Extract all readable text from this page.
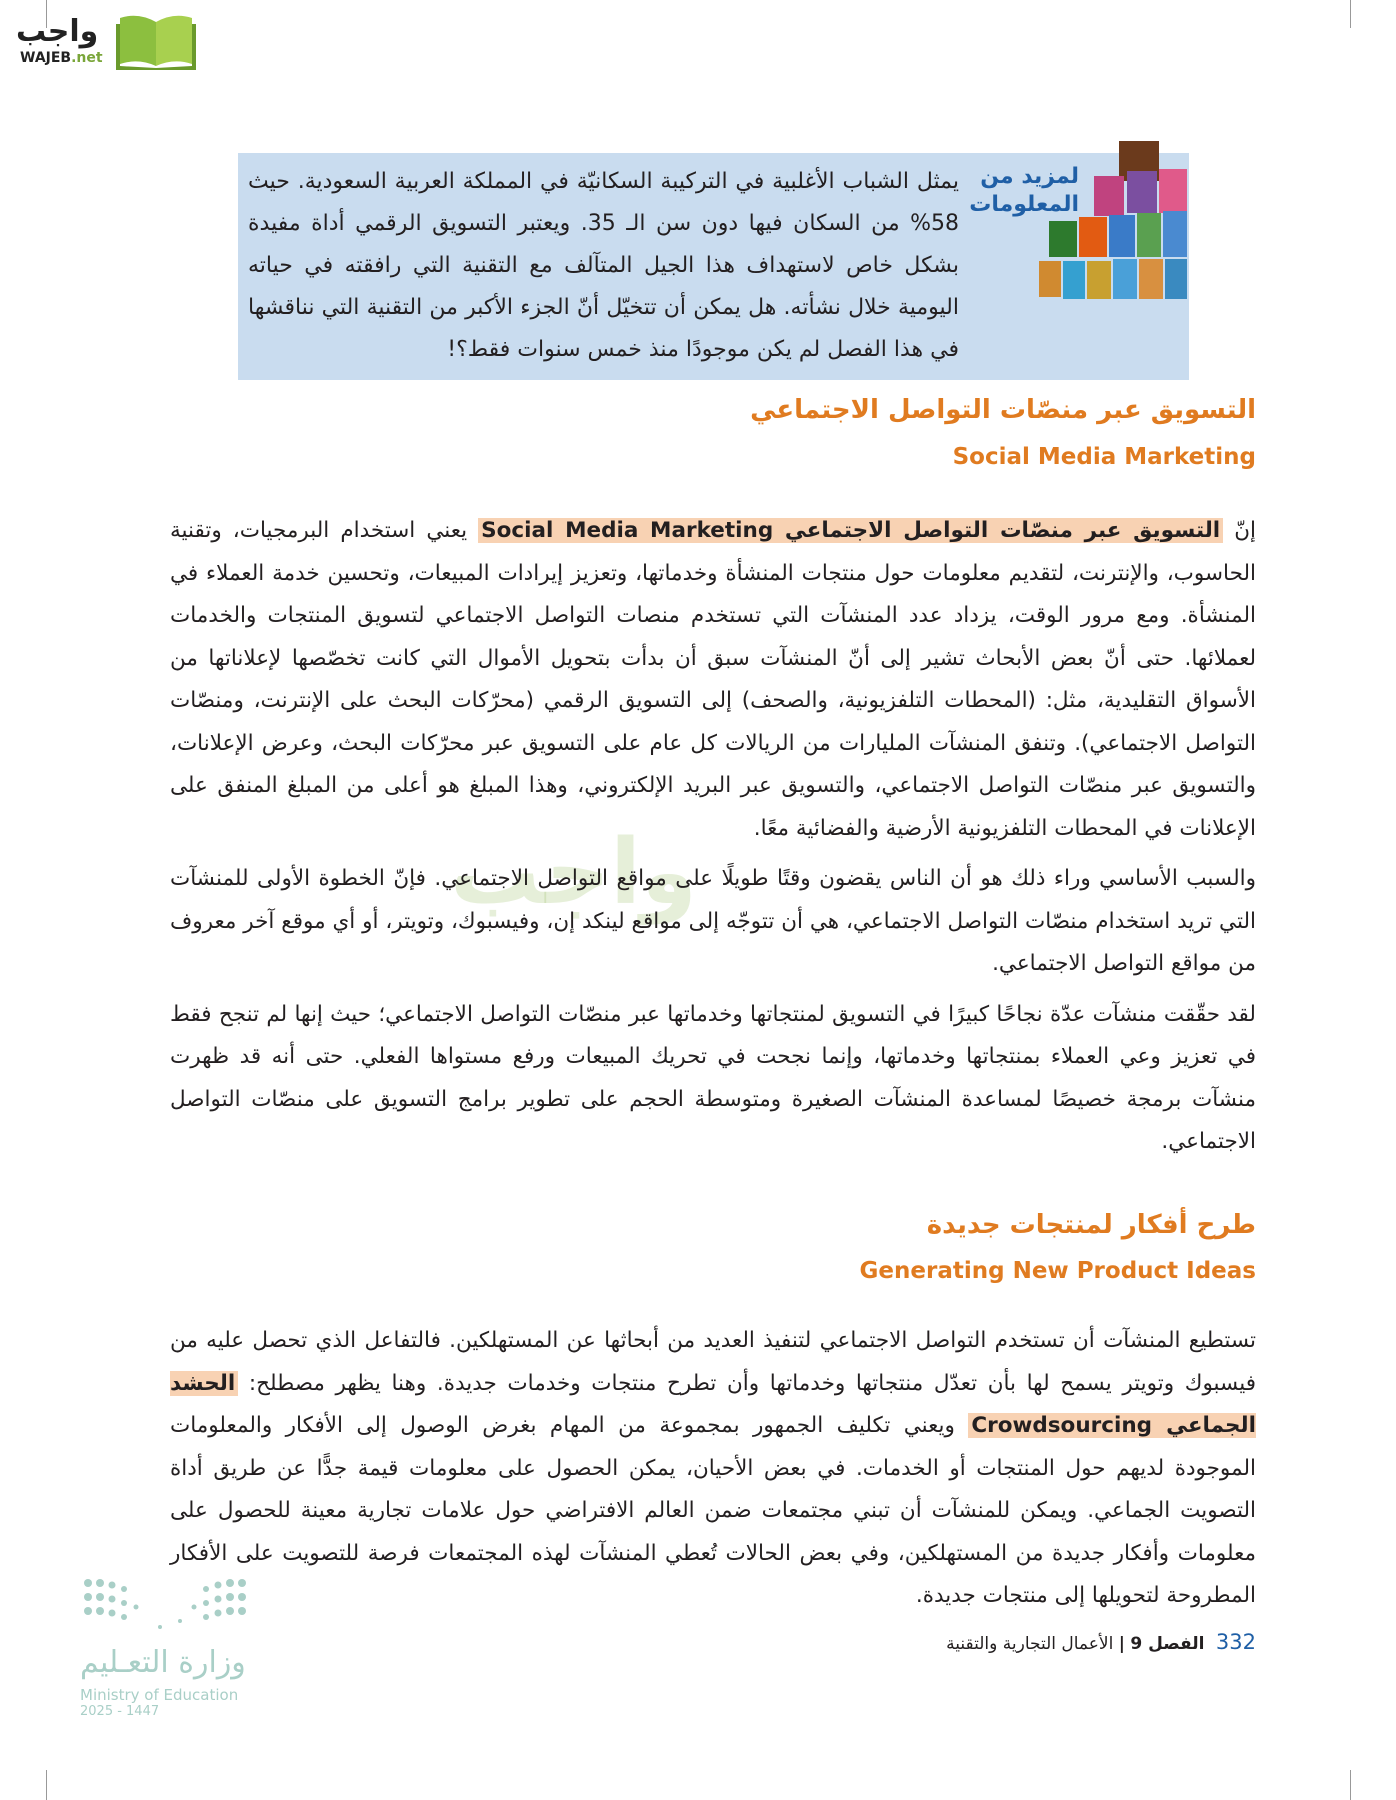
واجب
WAJEB.net
لمزيد من المعلومات
يمثل الشباب الأغلبية في التركيبة السكانيّة في المملكة العربية السعودية. حيث 58% من السكان فيها دون سن الـ 35. ويعتبر التسويق الرقمي أداة مفيدة بشكل خاص لاستهداف هذا الجيل المتآلف مع التقنية التي رافقته في حياته اليومية خلال نشأته. هل يمكن أن تتخيّل أنّ الجزء الأكبر من التقنية التي نناقشها في هذا الفصل لم يكن موجودًا منذ خمس سنوات فقط؟!
التسويق عبر منصّات التواصل الاجتماعي
Social Media Marketing
واجب

إنّ التسويق عبر منصّات التواصل الاجتماعي Social Media Marketing يعني استخدام البرمجيات، وتقنية الحاسوب، والإنترنت، لتقديم معلومات حول منتجات المنشأة وخدماتها، وتعزيز إيرادات المبيعات، وتحسين خدمة العملاء في المنشأة. ومع مرور الوقت، يزداد عدد المنشآت التي تستخدم منصات التواصل الاجتماعي لتسويق المنتجات والخدمات لعملائها. حتى أنّ بعض الأبحاث تشير إلى أنّ المنشآت سبق أن بدأت بتحويل الأموال التي كانت تخصّصها لإعلاناتها من الأسواق التقليدية، مثل: (المحطات التلفزيونية، والصحف) إلى التسويق الرقمي (محرّكات البحث على الإنترنت، ومنصّات التواصل الاجتماعي). وتنفق المنشآت المليارات من الريالات كل عام على التسويق عبر محرّكات البحث، وعرض الإعلانات، والتسويق عبر منصّات التواصل الاجتماعي، والتسويق عبر البريد الإلكتروني، وهذا المبلغ هو أعلى من المبلغ المنفق على الإعلانات في المحطات التلفزيونية الأرضية والفضائية معًا.

والسبب الأساسي وراء ذلك هو أن الناس يقضون وقتًا طويلًا على مواقع التواصل الاجتماعي. فإنّ الخطوة الأولى للمنشآت التي تريد استخدام منصّات التواصل الاجتماعي، هي أن تتوجّه إلى مواقع لينكد إن، وفيسبوك، وتويتر، أو أي موقع آخر معروف من مواقع التواصل الاجتماعي.

لقد حقّقت منشآت عدّة نجاحًا كبيرًا في التسويق لمنتجاتها وخدماتها عبر منصّات التواصل الاجتماعي؛ حيث إنها لم تنجح فقط في تعزيز وعي العملاء بمنتجاتها وخدماتها، وإنما نجحت في تحريك المبيعات ورفع مستواها الفعلي. حتى أنه قد ظهرت منشآت برمجة خصيصًا لمساعدة المنشآت الصغيرة ومتوسطة الحجم على تطوير برامج التسويق على منصّات التواصل الاجتماعي.

طرح أفكار لمنتجات جديدة
Generating New Product Ideas

تستطيع المنشآت أن تستخدم التواصل الاجتماعي لتنفيذ العديد من أبحاثها عن المستهلكين. فالتفاعل الذي تحصل عليه من فيسبوك وتويتر يسمح لها بأن تعدّل منتجاتها وخدماتها وأن تطرح منتجات وخدمات جديدة. وهنا يظهر مصطلح: الحشد الجماعي Crowdsourcing ويعني تكليف الجمهور بمجموعة من المهام بغرض الوصول إلى الأفكار والمعلومات الموجودة لديهم حول المنتجات أو الخدمات. في بعض الأحيان، يمكن الحصول على معلومات قيمة جدًّا عن طريق أداة التصويت الجماعي. ويمكن للمنشآت أن تبني مجتمعات ضمن العالم الافتراضي حول علامات تجارية معينة للحصول على معلومات وأفكار جديدة من المستهلكين، وفي بعض الحالات تُعطي المنشآت لهذه المجتمعات فرصة للتصويت على الأفكار المطروحة لتحويلها إلى منتجات جديدة.

332 الفصل 9 | الأعمال التجارية والتقنية
وزارة التعـليم
Ministry of Education
2025 - 1447
